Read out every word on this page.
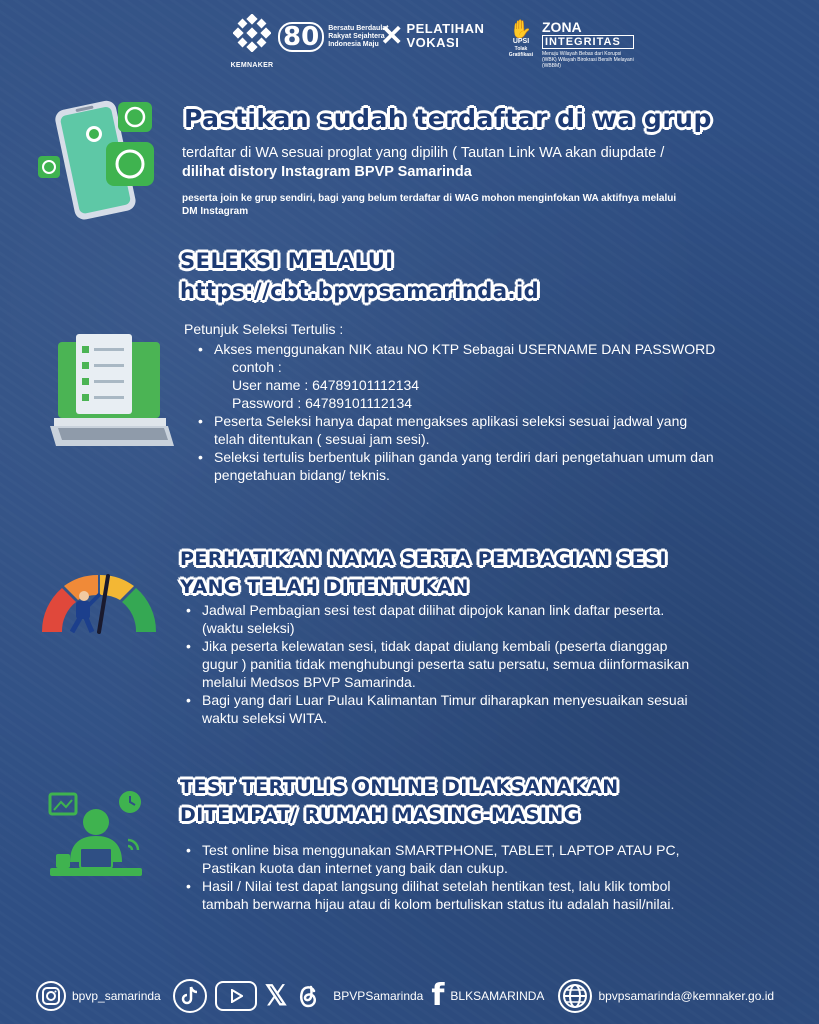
KEMNAKER
80	Bersatu Berdaulat Rakyat Sejahtera Indonesia Maju ✕ PELATIHAN
VOKASI
✋
UPSI
Tolak Gratifikasi
ZONA
INTEGRITAS
Menuju Wilayah Bebas dari Korupsi (WBK) Wilayah Birokrasi Bersih Melayani (WBBM)
Pastikan sudah terdaftar di wa grup
terdaftar di WA sesuai proglat yang dipilih ( Tautan Link WA akan diupdate / dilihat distory Instagram BPVP Samarinda
peserta join ke grup sendiri, bagi yang belum terdaftar di WAG mohon menginfokan WA aktifnya melalui DM Instagram
SELEKSI MELALUI
https://cbt.bpvpsamarinda.id
Petunjuk Seleksi Tertulis :
• Akses menggunakan NIK atau NO KTP Sebagai USERNAME DAN PASSWORD
contoh :
User name : 64789101112134
Password : 64789101112134
• Peserta Seleksi hanya dapat mengakses aplikasi seleksi sesuai jadwal yang telah ditentukan ( sesuai jam sesi).
• Seleksi tertulis berbentuk pilihan ganda yang terdiri dari pengetahuan umum dan pengetahuan bidang/ teknis.
PERHATIKAN NAMA SERTA PEMBAGIAN SESI
YANG TELAH DITENTUKAN
• Jadwal Pembagian sesi test dapat dilihat dipojok kanan link daftar peserta. (waktu seleksi)
• Jika peserta kelewatan sesi, tidak dapat diulang kembali (peserta dianggap gugur ) panitia tidak menghubungi peserta satu persatu, semua diinformasikan melalui Medsos BPVP Samarinda.
• Bagi yang dari Luar Pulau Kalimantan Timur diharapkan menyesuaikan sesuai waktu seleksi WITA.
TEST TERTULIS ONLINE DILAKSANAKAN
DITEMPAT/ RUMAH MASING-MASING
• Test online bisa menggunakan SMARTPHONE, TABLET, LAPTOP ATAU PC, Pastikan kuota dan internet yang baik dan cukup.
• Hasil / Nilai test dapat langsung dilihat setelah hentikan test, lalu klik tombol tambah berwarna hijau atau di kolom bertuliskan status itu adalah hasil/nilai.
bpvp_samarinda	𝕏	BPVPSamarinda f BLKSAMARINDA	bpvpsamarinda@kemnaker.go.id
